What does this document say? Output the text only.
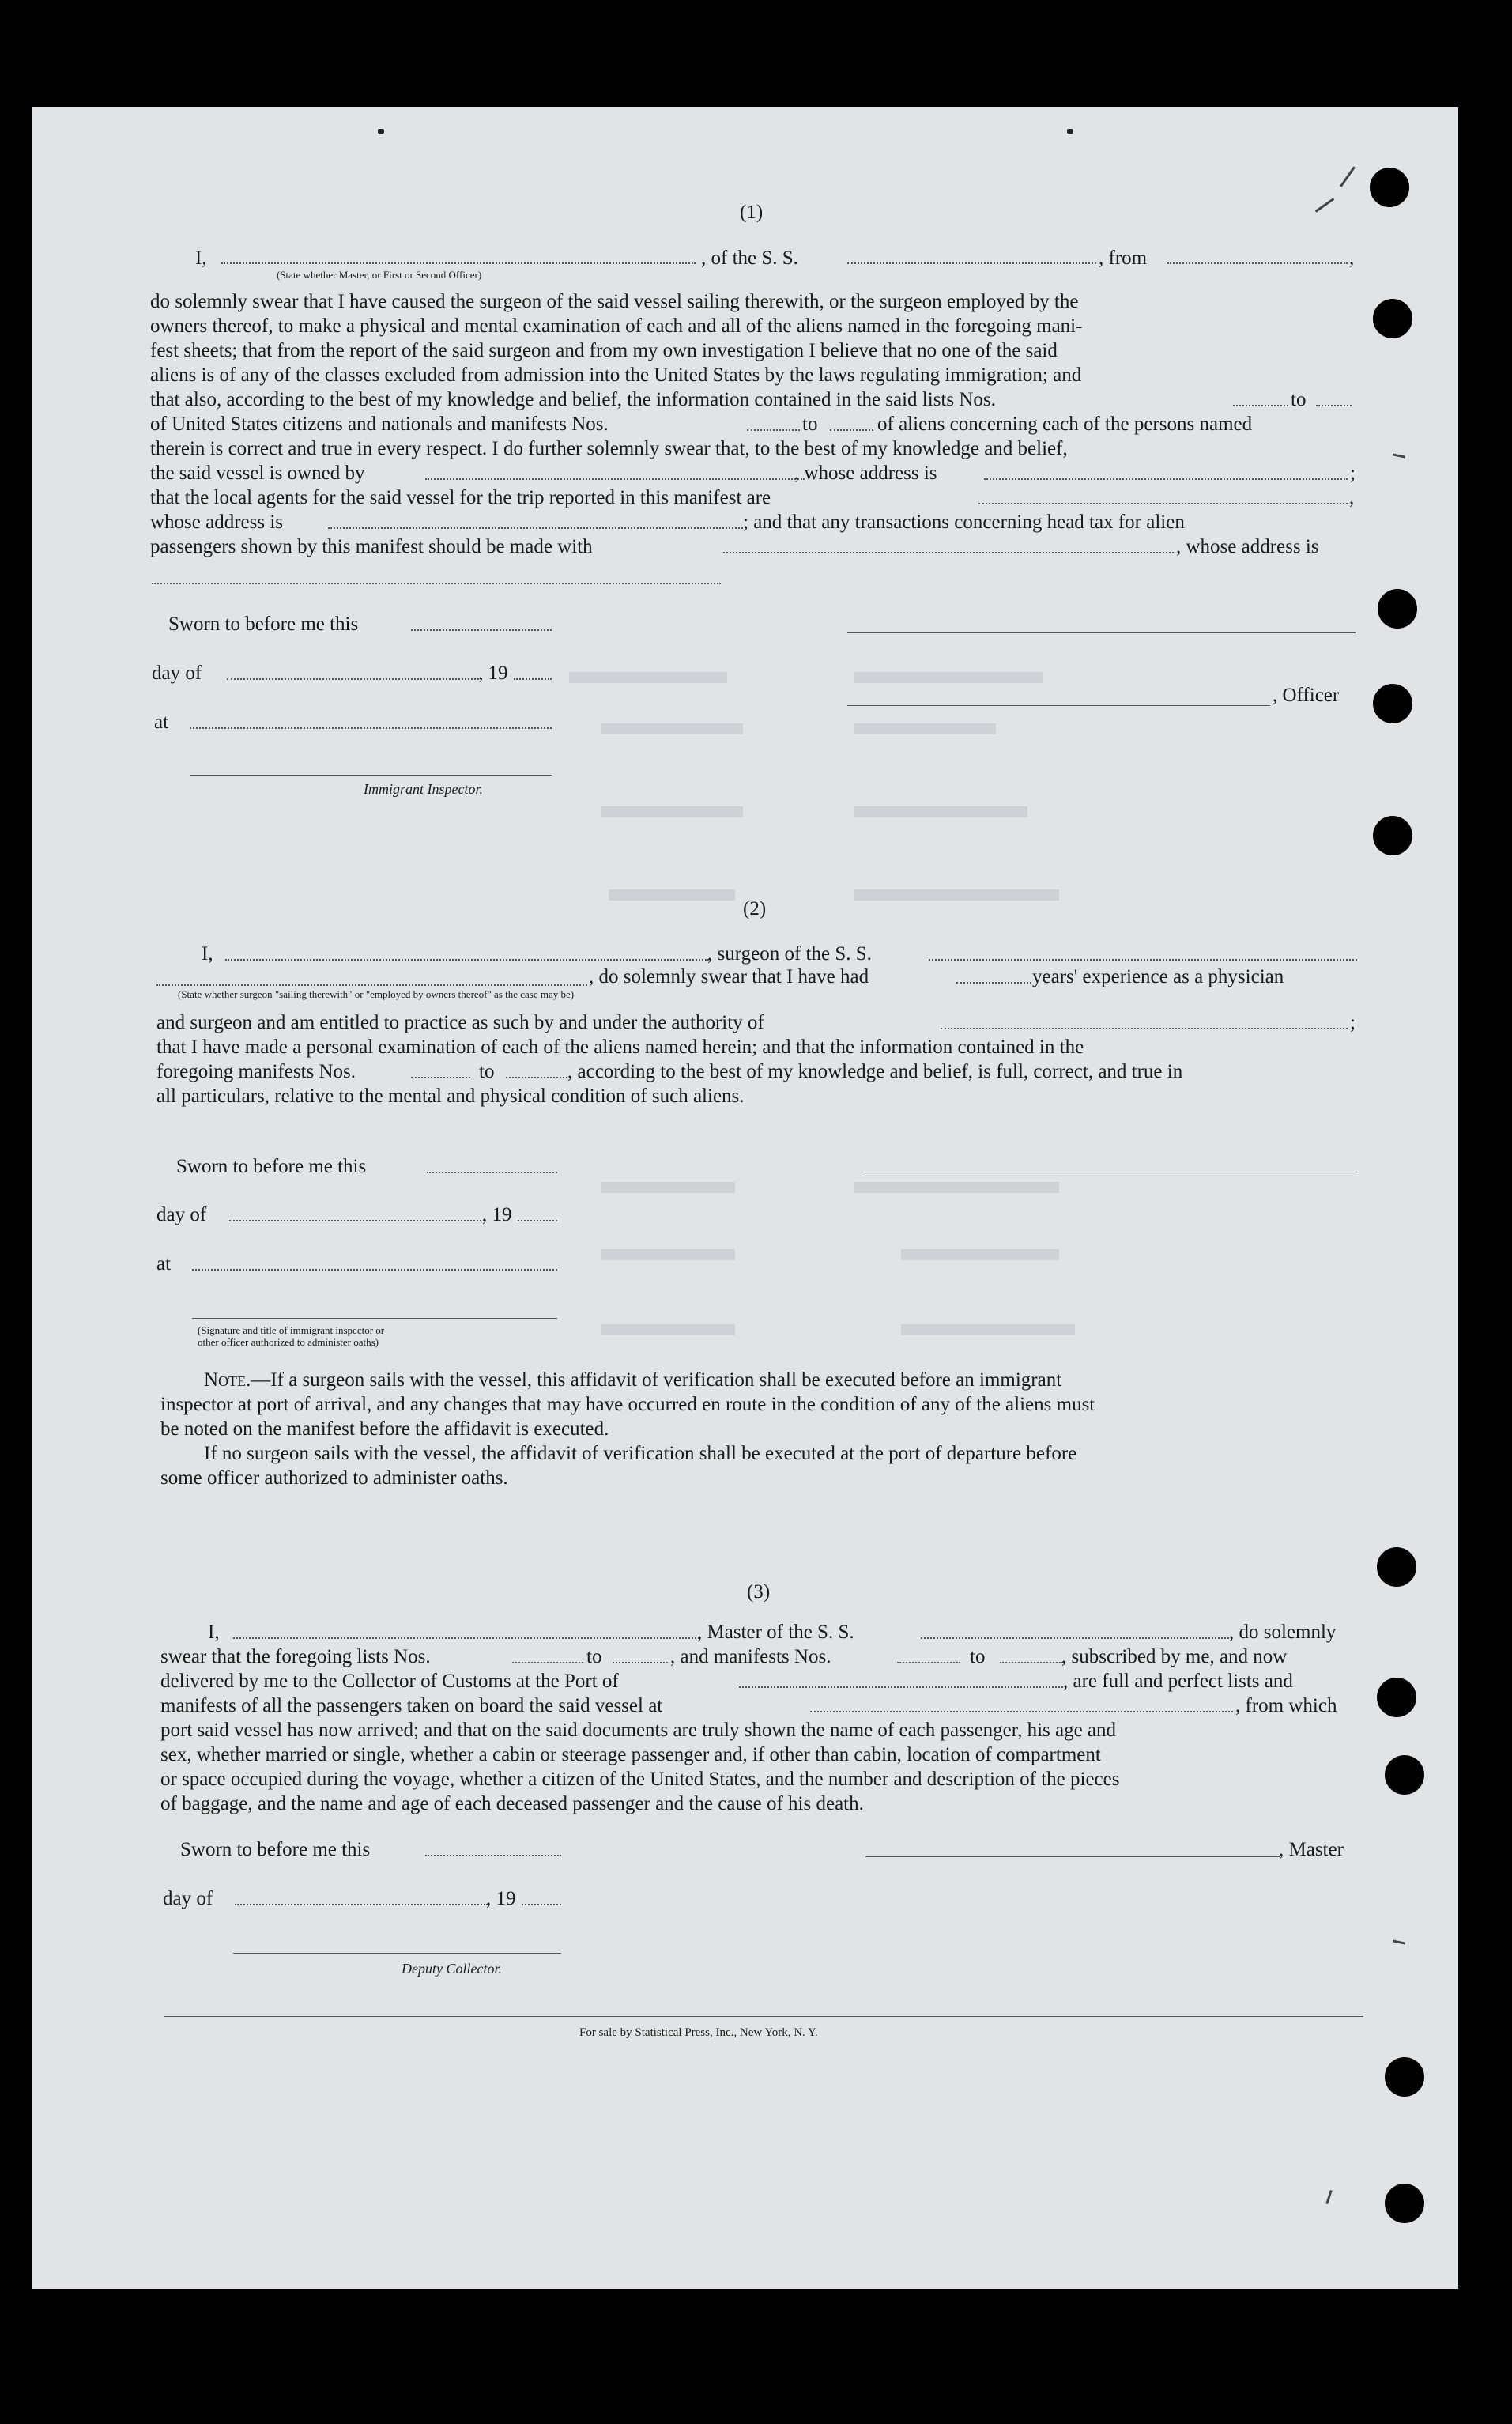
(1)
I,	, of the S. S.	, from	,
(State whether Master, or First or Second Officer)
do solemnly swear that I have caused the surgeon of the said vessel sailing therewith, or the surgeon employed by the
owners thereof, to make a physical and mental examination of each and all of the aliens named in the foregoing mani-
fest sheets; that from the report of the said surgeon and from my own investigation I believe that no one of the said
aliens is of any of the classes excluded from admission into the United States by the laws regulating immigration; and
that also, according to the best of my knowledge and belief, the information contained in the said lists Nos.	to
of United States citizens and nationals and manifests Nos.	to	of aliens concerning each of the persons named
therein is correct and true in every respect. I do further solemnly swear that, to the best of my knowledge and belief,
the said vessel is owned by	, whose address is	;
that the local agents for the said vessel for the trip reported in this manifest are	,
whose address is	; and that any transactions concerning head tax for alien
passengers shown by this manifest should be made with	, whose address is
Sworn to before me this
day of	, 19
, Officer
at
Immigrant Inspector.
(2)
I,	, surgeon of the S. S.
, do solemnly swear that I have had	years' experience as a physician
(State whether surgeon "sailing therewith" or "employed by owners thereof" as the case may be)
and surgeon and am entitled to practice as such by and under the authority of	;
that I have made a personal examination of each of the aliens named herein; and that the information contained in the
foregoing manifests Nos.	to	, according to the best of my knowledge and belief, is full, correct, and true in
all particulars, relative to the mental and physical condition of such aliens.
Sworn to before me this
day of	, 19
at
(Signature and title of immigrant inspector or
other officer authorized to administer oaths)
Note.—If a surgeon sails with the vessel, this affidavit of verification shall be executed before an immigrant
inspector at port of arrival, and any changes that may have occurred en route in the condition of any of the aliens must
be noted on the manifest before the affidavit is executed.
If no surgeon sails with the vessel, the affidavit of verification shall be executed at the port of departure before
some officer authorized to administer oaths.
(3)
I,	, Master of the S. S.	, do solemnly
swear that the foregoing lists Nos.	to	, and manifests Nos.	to	, subscribed by me, and now
delivered by me to the Collector of Customs at the Port of	, are full and perfect lists and
manifests of all the passengers taken on board the said vessel at	, from which
port said vessel has now arrived; and that on the said documents are truly shown the name of each passenger, his age and
sex, whether married or single, whether a cabin or steerage passenger and, if other than cabin, location of compartment
or space occupied during the voyage, whether a citizen of the United States, and the number and description of the pieces
of baggage, and the name and age of each deceased passenger and the cause of his death.
Sworn to before me this	, Master
day of	, 19
Deputy Collector.
For sale by Statistical Press, Inc., New York, N. Y.
